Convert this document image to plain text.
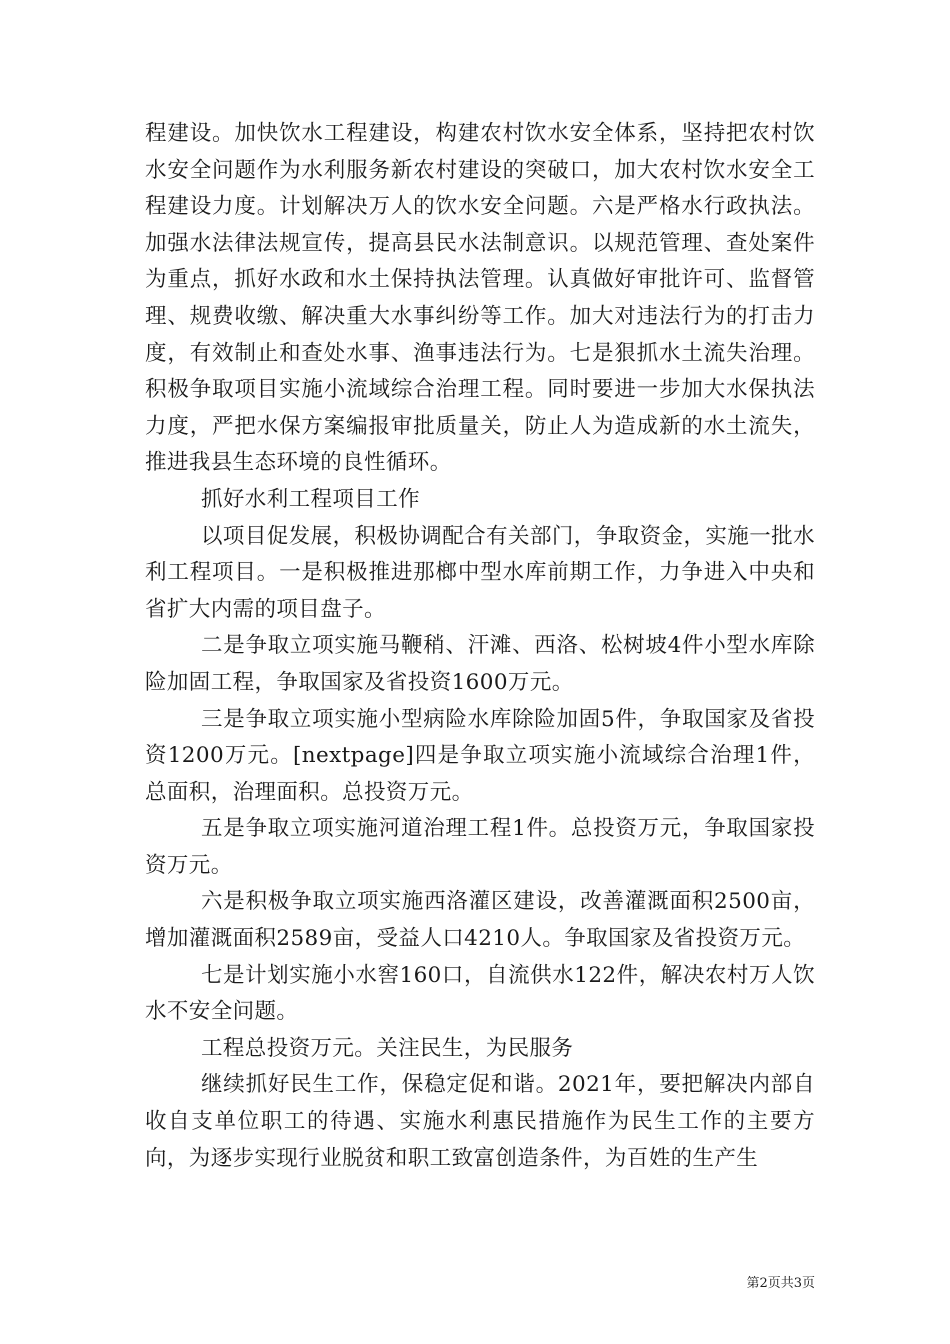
程建设。加快饮水工程建设，构建农村饮水安全体系，坚持把农村饮水安全问题作为水利服务新农村建设的突破口，加大农村饮水安全工程建设力度。计划解决万人的饮水安全问题。六是严格水行政执法。加强水法律法规宣传，提高县民水法制意识。以规范管理、查处案件为重点，抓好水政和水土保持执法管理。认真做好审批许可、监督管理、规费收缴、解决重大水事纠纷等工作。加大对违法行为的打击力度，有效制止和查处水事、渔事违法行为。七是狠抓水土流失治理。积极争取项目实施小流域综合治理工程。同时要进一步加大水保执法力度，严把水保方案编报审批质量关，防止人为造成新的水土流失，推进我县生态环境的良性循环。

抓好水利工程项目工作

以项目促发展，积极协调配合有关部门，争取资金，实施一批水利工程项目。一是积极推进那榔中型水库前期工作，力争进入中央和省扩大内需的项目盘子。

二是争取立项实施马鞭稍、汗滩、西洛、松树坡4件小型水库除险加固工程，争取国家及省投资1600万元。

三是争取立项实施小型病险水库除险加固5件，争取国家及省投资1200万元。[nextpage]四是争取立项实施小流域综合治理1件，总面积，治理面积。总投资万元。

五是争取立项实施河道治理工程1件。总投资万元，争取国家投资万元。

六是积极争取立项实施西洛灌区建设，改善灌溉面积2500亩，增加灌溉面积2589亩，受益人口4210人。争取国家及省投资万元。

七是计划实施小水窖160口，自流供水122件，解决农村万人饮水不安全问题。

工程总投资万元。关注民生，为民服务

继续抓好民生工作，保稳定促和谐。2021年，要把解决内部自收自支单位职工的待遇、实施水利惠民措施作为民生工作的主要方向，为逐步实现行业脱贫和职工致富创造条件，为百姓的生产生

第2页共3页
